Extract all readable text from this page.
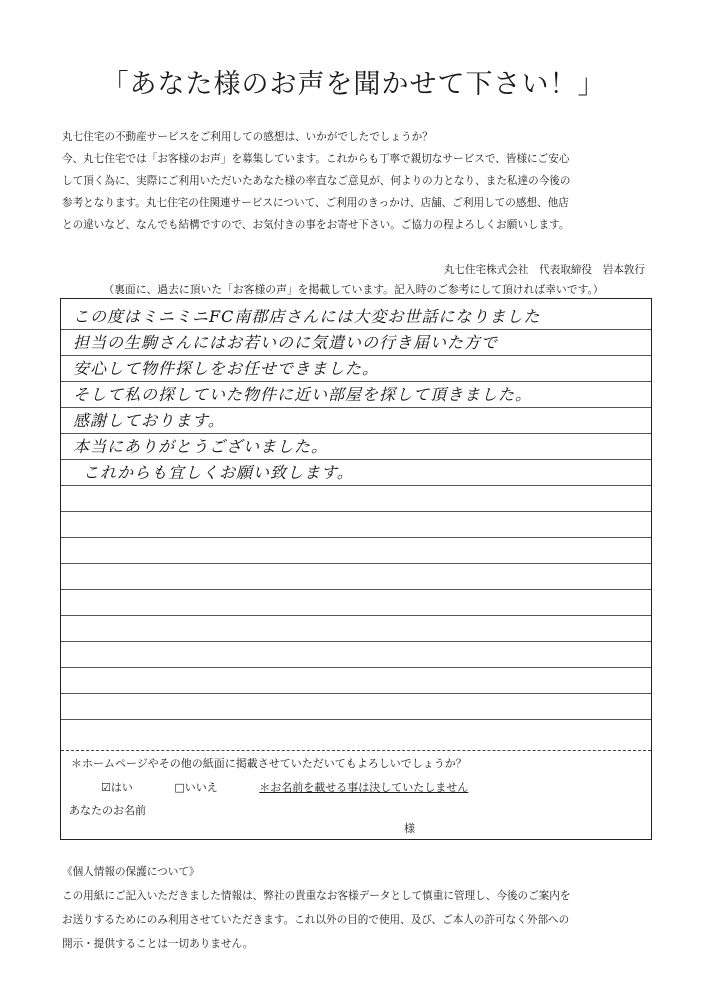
「あなた様のお声を聞かせて下さい！」

丸七住宅の不動産サービスをご利用しての感想は、いかがでしたでしょうか？

今、丸七住宅では「お客様のお声」を募集しています。これからも丁寧で親切なサービスで、皆様にご安心

して頂く為に、実際にご利用いただいたあなた様の率直なご意見が、何よりの力となり、また私達の今後の

参考となります。丸七住宅の住関連サービスについて、ご利用のきっかけ、店舗、ご利用しての感想、他店

との違いなど、なんでも結構ですので、お気付きの事をお寄せ下さい。ご協力の程よろしくお願いします。

丸七住宅株式会社　代表取締役　岩本敦行
（裏面に、過去に頂いた「お客様の声」を掲載しています。記入時のご参考にして頂ければ幸いです。）

この度はミニミニFC南郡店さんには大変お世話になりました

担当の生駒さんにはお若いのに気遣いの行き届いた方で

安心して物件探しをお任せできました。

そして私の探していた物件に近い部屋を探して頂きました。

感謝しております。

本当にありがとうございました。

これからも宜しくお願い致します。

＊ホームページやその他の紙面に掲載させていただいてもよろしいでしょうか？
☑はい	□いいえ	＊お名前を載せる事は決していたしません
あなたのお名前
様

《個人情報の保護について》

この用紙にご記入いただきました情報は、弊社の貴重なお客様データとして慎重に管理し、今後のご案内を

お送りするためにのみ利用させていただきます。これ以外の目的で使用、及び、ご本人の許可なく外部への

開示・提供することは一切ありません。
